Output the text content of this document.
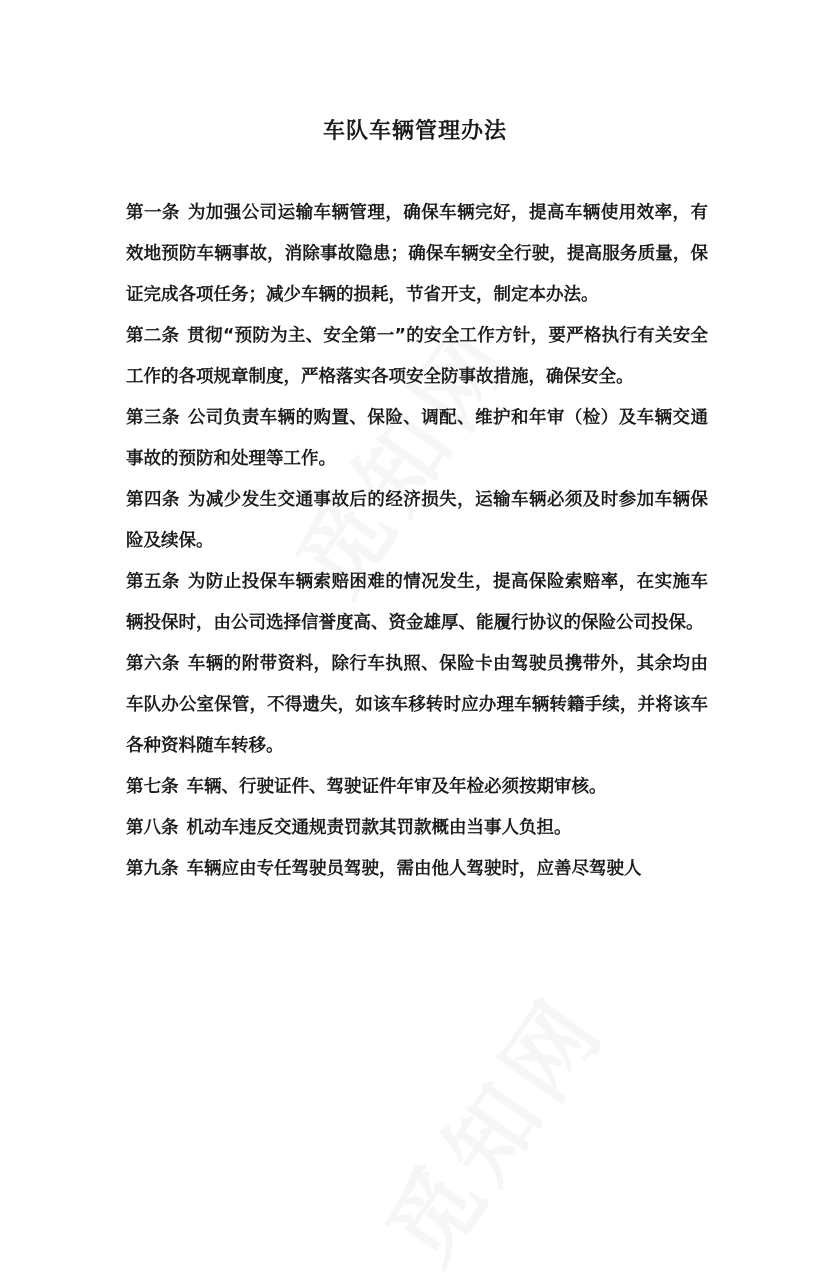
车队车辆管理办法

第一条 为加强公司运输车辆管理，确保车辆完好，提高车辆使用效率，有效地预防车辆事故，消除事故隐患；确保车辆安全行驶，提高服务质量，保证完成各项任务；减少车辆的损耗，节省开支，制定本办法。

第二条 贯彻“预防为主、安全第一”的安全工作方针，要严格执行有关安全工作的各项规章制度，严格落实各项安全防事故措施，确保安全。

第三条 公司负责车辆的购置、保险、调配、维护和年审（检）及车辆交通事故的预防和处理等工作。

第四条 为减少发生交通事故后的经济损失，运输车辆必须及时参加车辆保险及续保。

第五条 为防止投保车辆索赔困难的情况发生，提高保险索赔率，在实施车辆投保时，由公司选择信誉度高、资金雄厚、能履行协议的保险公司投保。

第六条 车辆的附带资料，除行车执照、保险卡由驾驶员携带外，其余均由车队办公室保管，不得遗失，如该车移转时应办理车辆转籍手续，并将该车各种资料随车转移。

第七条 车辆、行驶证件、驾驶证件年审及年检必须按期审核。

第八条 机动车违反交通规责罚款其罚款概由当事人负担。

第九条 车辆应由专任驾驶员驾驶，需由他人驾驶时，应善尽驾驶人
